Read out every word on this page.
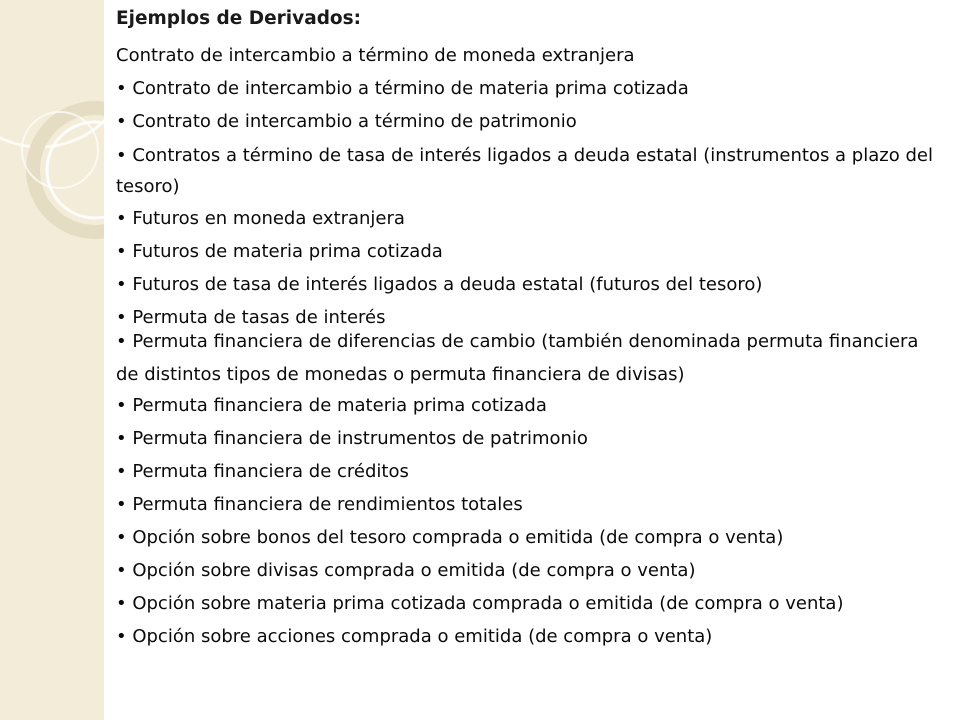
Ejemplos de Derivados:
Contrato de intercambio a término de moneda extranjera
• Contrato de intercambio a término de materia prima cotizada
• Contrato de intercambio a término de patrimonio
• Contratos a término de tasa de interés ligados a deuda estatal (instrumentos a plazo del tesoro)
• Futuros en moneda extranjera
• Futuros de materia prima cotizada
• Futuros de tasa de interés ligados a deuda estatal (futuros del tesoro)
• Permuta de tasas de interés
• Permuta financiera de diferencias de cambio (también denominada permuta financiera de distintos tipos de monedas o permuta financiera de divisas)
• Permuta financiera de materia prima cotizada
• Permuta financiera de instrumentos de patrimonio
• Permuta financiera de créditos
• Permuta financiera de rendimientos totales
• Opción sobre bonos del tesoro comprada o emitida (de compra o venta)
• Opción sobre divisas comprada o emitida (de compra o venta)
• Opción sobre materia prima cotizada comprada o emitida (de compra o venta)
• Opción sobre acciones comprada o emitida (de compra o venta)
